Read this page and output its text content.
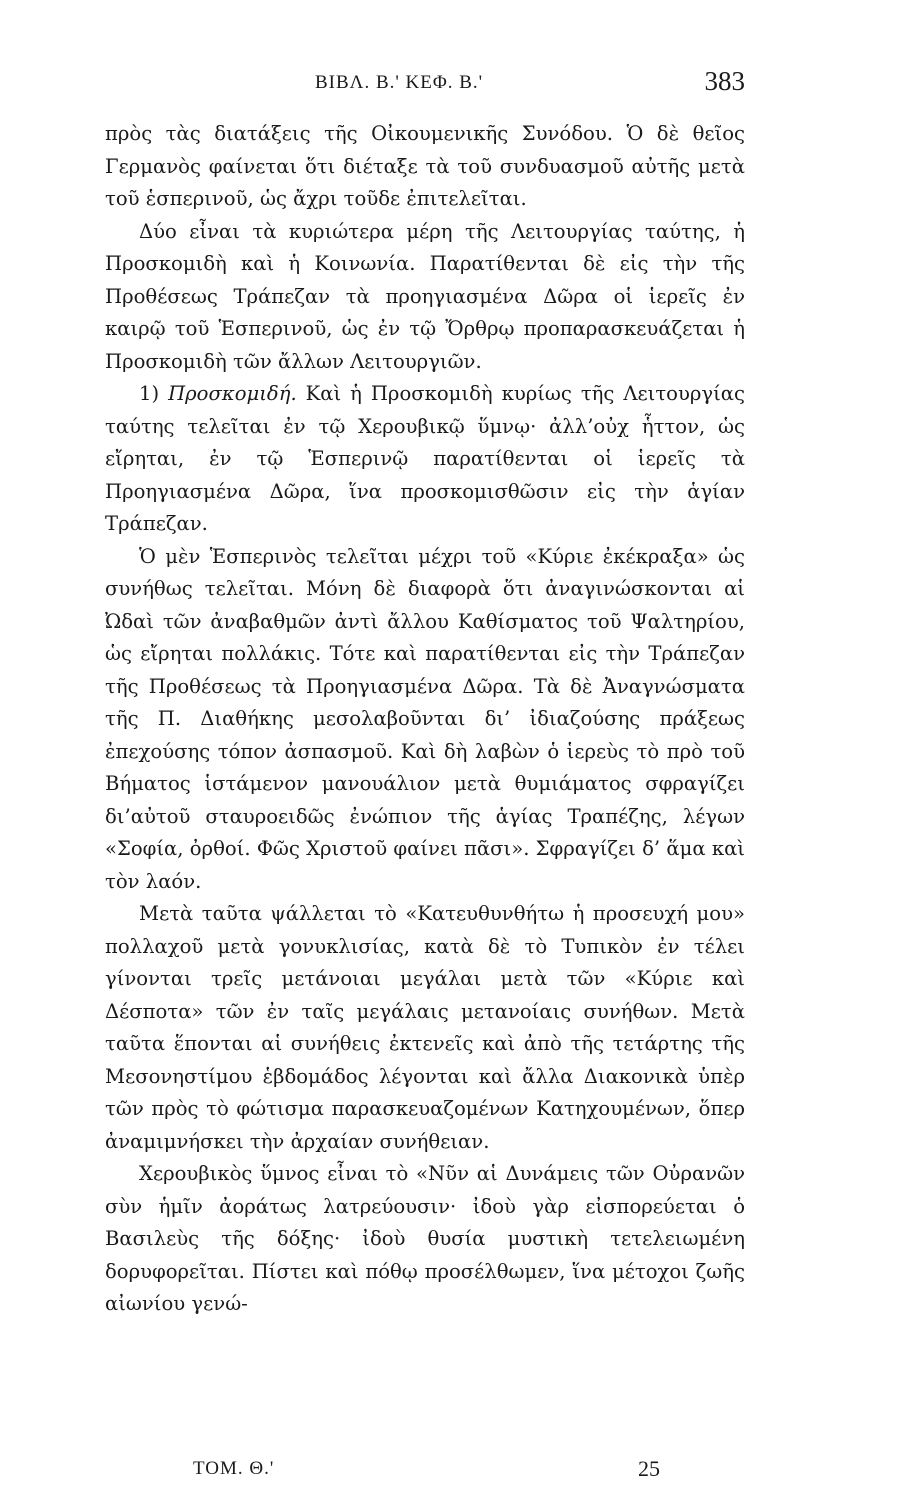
ΒΙΒΛ. Β.' ΚΕΦ. Β.'	383

πρὸς τὰς διατάξεις τῆς Οἰκουμενικῆς Συνόδου. Ὁ δὲ θεῖος Γερμανὸς φαίνεται ὅτι διέταξε τὰ τοῦ συνδυασμοῦ αὐτῆς μετὰ τοῦ ἑσπερινοῦ, ὡς ἄχρι τοῦδε ἐπιτελεῖται.

Δύο εἶναι τὰ κυριώτερα μέρη τῆς Λειτουργίας ταύτης, ἡ Προσκομιδὴ καὶ ἡ Κοινωνία. Παρατίθενται δὲ εἰς τὴν τῆς Προθέσεως Τράπεζαν τὰ προηγιασμένα Δῶρα οἱ ἱερεῖς ἐν καιρῷ τοῦ Ἑσπερινοῦ, ὡς ἐν τῷ Ὄρθρῳ προπαρασκευάζεται ἡ Προσκομιδὴ τῶν ἄλλων Λειτουργιῶν.

1) Προσκομιδή. Καὶ ἡ Προσκομιδὴ κυρίως τῆς Λειτουργίας ταύτης τελεῖται ἐν τῷ Χερουβικῷ ὕμνῳ· ἀλλ’οὐχ ἧττον, ὡς εἴρηται, ἐν τῷ Ἑσπερινῷ παρατίθενται οἱ ἱερεῖς τὰ Προηγιασμένα Δῶρα, ἵνα προσκομισθῶσιν εἰς τὴν ἁγίαν Τράπεζαν.

Ὁ μὲν Ἑσπερινὸς τελεῖται μέχρι τοῦ «Κύριε ἐκέκραξα» ὡς συνήθως τελεῖται. Μόνη δὲ διαφορὰ ὅτι ἀναγινώσκονται αἱ Ὠδαὶ τῶν ἀναβαθμῶν ἀντὶ ἄλλου Καθίσματος τοῦ Ψαλτηρίου, ὡς εἴρηται πολλάκις. Τότε καὶ παρατίθενται εἰς τὴν Τράπεζαν τῆς Προθέσεως τὰ Προηγιασμένα Δῶρα. Τὰ δὲ Ἀναγνώσματα τῆς Π. Διαθήκης μεσολαβοῦνται δι’ ἰδιαζούσης πράξεως ἐπεχούσης τόπον ἀσπασμοῦ. Καὶ δὴ λαβὼν ὁ ἱερεὺς τὸ πρὸ τοῦ Βήματος ἱστάμενον μανουάλιον μετὰ θυμιάματος σφραγίζει δι’αὐτοῦ σταυροειδῶς ἐνώπιον τῆς ἁγίας Τραπέζης, λέγων «Σοφία, ὀρθοί. Φῶς Χριστοῦ φαίνει πᾶσι». Σφραγίζει δ’ ἅμα καὶ τὸν λαόν.

Μετὰ ταῦτα ψάλλεται τὸ «Κατευθυνθήτω ἡ προσευχή μου» πολλαχοῦ μετὰ γονυκλισίας, κατὰ δὲ τὸ Τυπικὸν ἐν τέλει γίνονται τρεῖς μετάνοιαι μεγάλαι μετὰ τῶν «Κύριε καὶ Δέσποτα» τῶν ἐν ταῖς μεγάλαις μετανοίαις συνήθων. Μετὰ ταῦτα ἕπονται αἱ συνήθεις ἐκτενεῖς καὶ ἀπὸ τῆς τετάρτης τῆς Μεσονηστίμου ἑβδομάδος λέγονται καὶ ἄλλα Διακονικὰ ὑπὲρ τῶν πρὸς τὸ φώτισμα παρασκευαζομένων Κατηχουμένων, ὅπερ ἀναμιμνήσκει τὴν ἀρχαίαν συνήθειαν.

Χερουβικὸς ὕμνος εἶναι τὸ «Νῦν αἱ Δυνάμεις τῶν Οὐρανῶν σὺν ἡμῖν ἀοράτως λατρεύουσιν· ἰδοὺ γὰρ εἰσπορεύεται ὁ Βασιλεὺς τῆς δόξης· ἰδοὺ θυσία μυστικὴ τετελειωμένη δορυφορεῖται. Πίστει καὶ πόθῳ προσέλθωμεν, ἵνα μέτοχοι ζωῆς αἰωνίου γενώ-

ΤΟΜ. Θ.'	25
